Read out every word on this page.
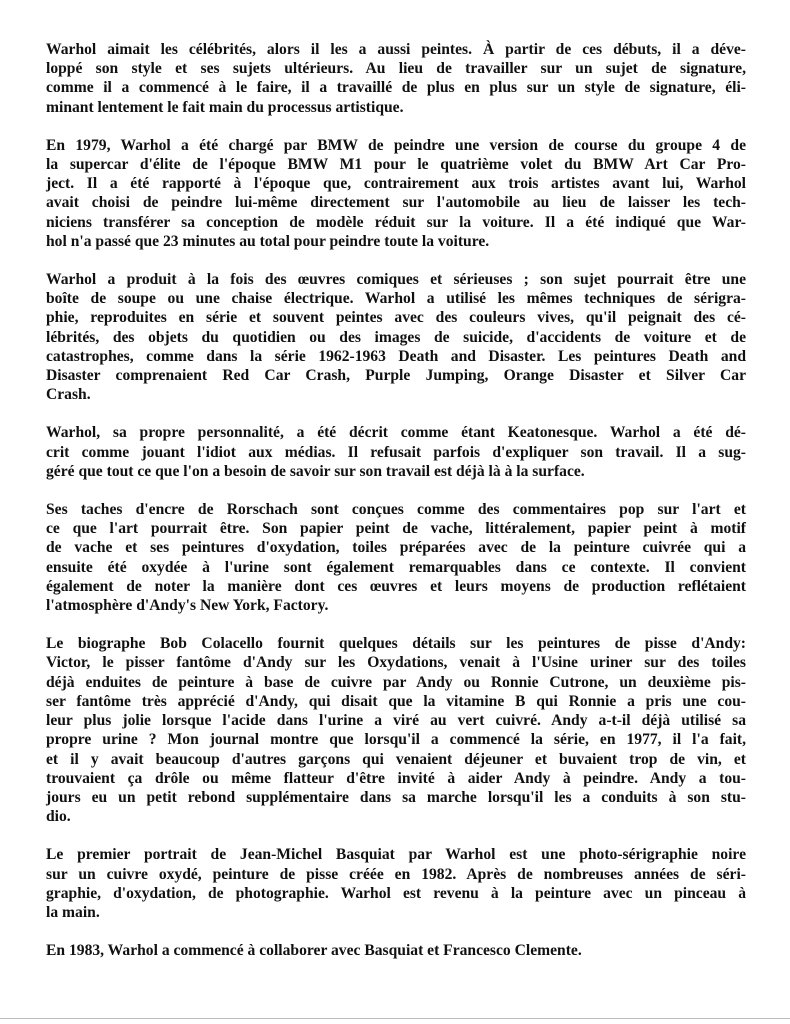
Warhol aimait les célébrités, alors il les a aussi peintes. À partir de ces débuts, il a déve-
loppé son style et ses sujets ultérieurs. Au lieu de travailler sur un sujet de signature,
comme il a commencé à le faire, il a travaillé de plus en plus sur un style de signature, éli-
minant lentement le fait main du processus artistique.

En 1979, Warhol a été chargé par BMW de peindre une version de course du groupe 4 de
la supercar d'élite de l'époque BMW M1 pour le quatrième volet du BMW Art Car Pro-
ject. Il a été rapporté à l'époque que, contrairement aux trois artistes avant lui, Warhol
avait choisi de peindre lui-même directement sur l'automobile au lieu de laisser les tech-
niciens transférer sa conception de modèle réduit sur la voiture. Il a été indiqué que War-
hol n'a passé que 23 minutes au total pour peindre toute la voiture.

Warhol a produit à la fois des œuvres comiques et sérieuses ; son sujet pourrait être une
boîte de soupe ou une chaise électrique. Warhol a utilisé les mêmes techniques de sérigra-
phie, reproduites en série et souvent peintes avec des couleurs vives, qu'il peignait des cé-
lébrités, des objets du quotidien ou des images de suicide, d'accidents de voiture et de
catastrophes, comme dans la série 1962-1963 Death and Disaster. Les peintures Death and
Disaster comprenaient Red Car Crash, Purple Jumping, Orange Disaster et Silver Car
Crash.

Warhol, sa propre personnalité, a été décrit comme étant Keatonesque. Warhol a été dé-
crit comme jouant l'idiot aux médias. Il refusait parfois d'expliquer son travail. Il a sug-
géré que tout ce que l'on a besoin de savoir sur son travail est déjà là à la surface.

Ses taches d'encre de Rorschach sont conçues comme des commentaires pop sur l'art et
ce que l'art pourrait être. Son papier peint de vache, littéralement, papier peint à motif
de vache et ses peintures d'oxydation, toiles préparées avec de la peinture cuivrée qui a
ensuite été oxydée à l'urine sont également remarquables dans ce contexte. Il convient
également de noter la manière dont ces œuvres et leurs moyens de production reflétaient
l'atmosphère d'Andy's New York, Factory.

Le biographe Bob Colacello fournit quelques détails sur les peintures de pisse d'Andy:
Victor, le pisser fantôme d'Andy sur les Oxydations, venait à l'Usine uriner sur des toiles
déjà enduites de peinture à base de cuivre par Andy ou Ronnie Cutrone, un deuxième pis-
ser fantôme très apprécié d'Andy, qui disait que la vitamine B qui Ronnie a pris une cou-
leur plus jolie lorsque l'acide dans l'urine a viré au vert cuivré. Andy a-t-il déjà utilisé sa
propre urine ? Mon journal montre que lorsqu'il a commencé la série, en 1977, il l'a fait,
et il y avait beaucoup d'autres garçons qui venaient déjeuner et buvaient trop de vin, et
trouvaient ça drôle ou même flatteur d'être invité à aider Andy à peindre. Andy a tou-
jours eu un petit rebond supplémentaire dans sa marche lorsqu'il les a conduits à son stu-
dio.

Le premier portrait de Jean-Michel Basquiat par Warhol est une photo-sérigraphie noire
sur un cuivre oxydé, peinture de pisse créée en 1982. Après de nombreuses années de séri-
graphie, d'oxydation, de photographie. Warhol est revenu à la peinture avec un pinceau à
la main.

En 1983, Warhol a commencé à collaborer avec Basquiat et Francesco Clemente.
